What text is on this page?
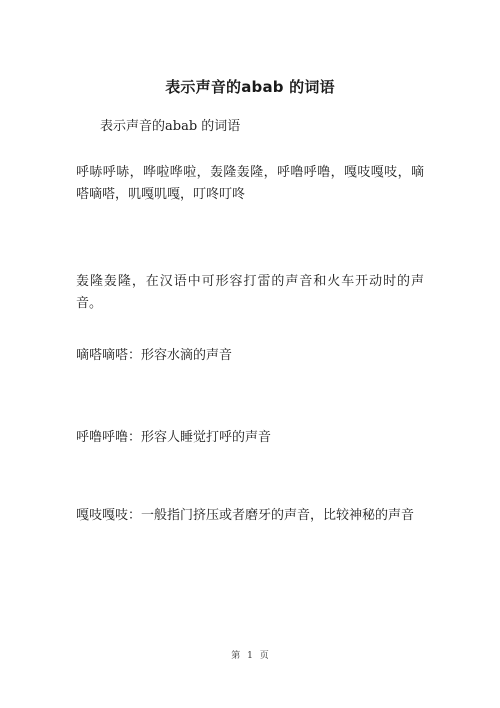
表示声音的abab 的词语
表示声音的abab 的词语
呼哧呼哧，哗啦哗啦，轰隆轰隆，呼噜呼噜，嘎吱嘎吱，嘀嗒嘀嗒，叽嘎叽嘎，叮咚叮咚
轰隆轰隆，在汉语中可形容打雷的声音和火车开动时的声音。
嘀嗒嘀嗒：形容水滴的声音
呼噜呼噜：形容人睡觉打呼的声音
嘎吱嘎吱：一般指门挤压或者磨牙的声音，比较神秘的声音
第 1 页
